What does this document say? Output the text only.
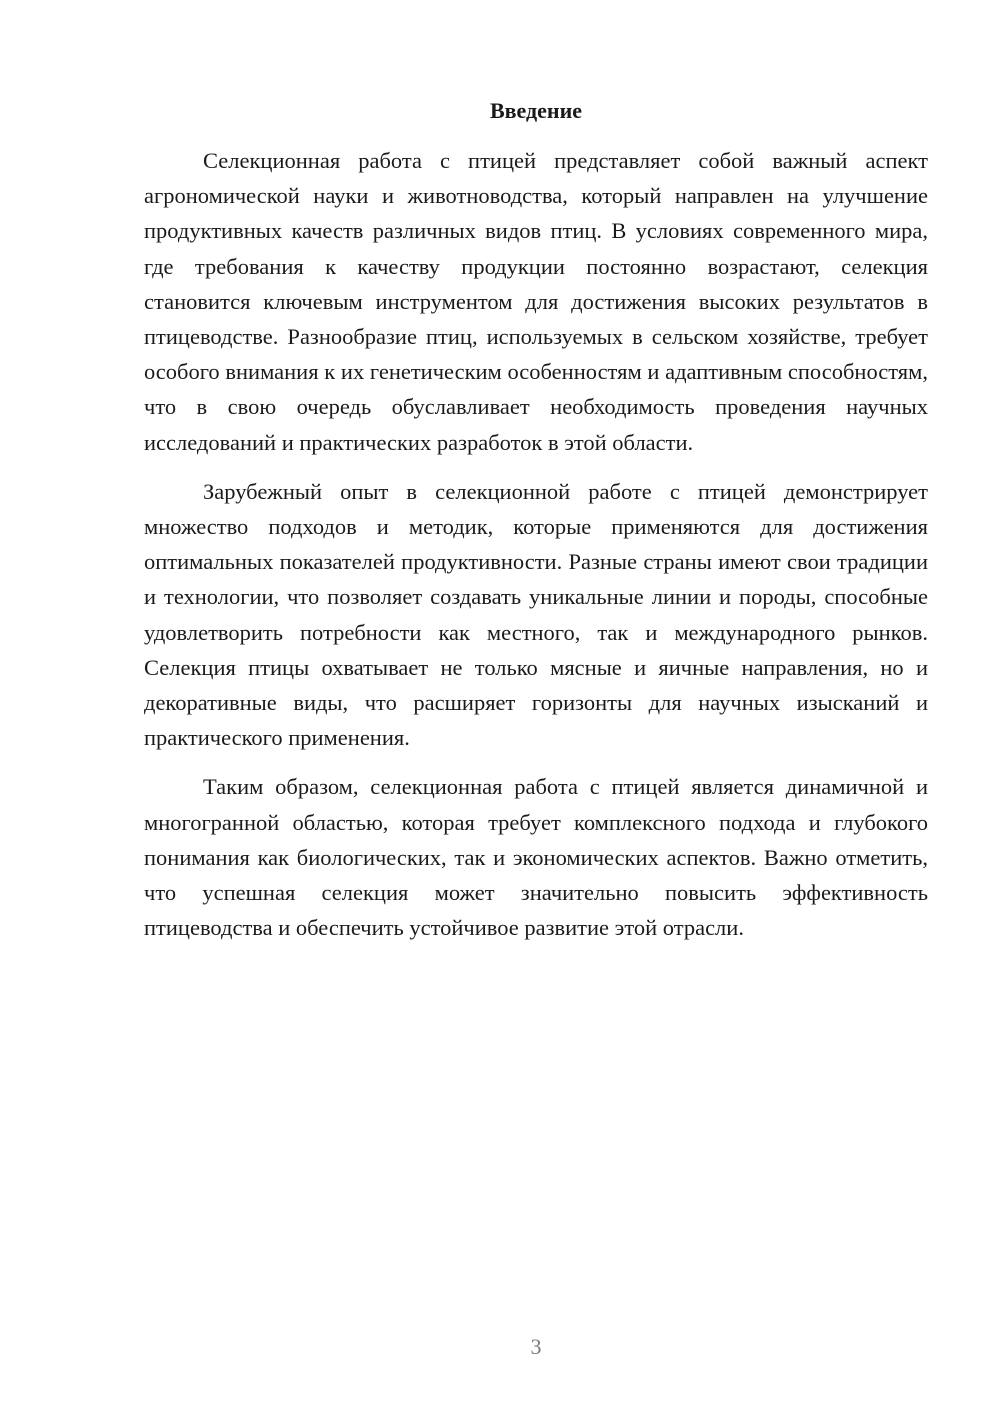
Введение

Селекционная работа с птицей представляет собой важный аспект агрономической науки и животноводства, который направлен на улучшение продуктивных качеств различных видов птиц. В условиях современного мира, где требования к качеству продукции постоянно возрастают, селекция становится ключевым инструментом для достижения высоких результатов в птицеводстве. Разнообразие птиц, используемых в сельском хозяйстве, требует особого внимания к их генетическим особенностям и адаптивным способностям, что в свою очередь обуславливает необходимость проведения научных исследований и практических разработок в этой области.

Зарубежный опыт в селекционной работе с птицей демонстрирует множество подходов и методик, которые применяются для достижения оптимальных показателей продуктивности. Разные страны имеют свои традиции и технологии, что позволяет создавать уникальные линии и породы, способные удовлетворить потребности как местного, так и международного рынков. Селекция птицы охватывает не только мясные и яичные направления, но и декоративные виды, что расширяет горизонты для научных изысканий и практического применения.

Таким образом, селекционная работа с птицей является динамичной и многогранной областью, которая требует комплексного подхода и глубокого понимания как биологических, так и экономических аспектов. Важно отметить, что успешная селекция может значительно повысить эффективность птицеводства и обеспечить устойчивое развитие этой отрасли.

3
